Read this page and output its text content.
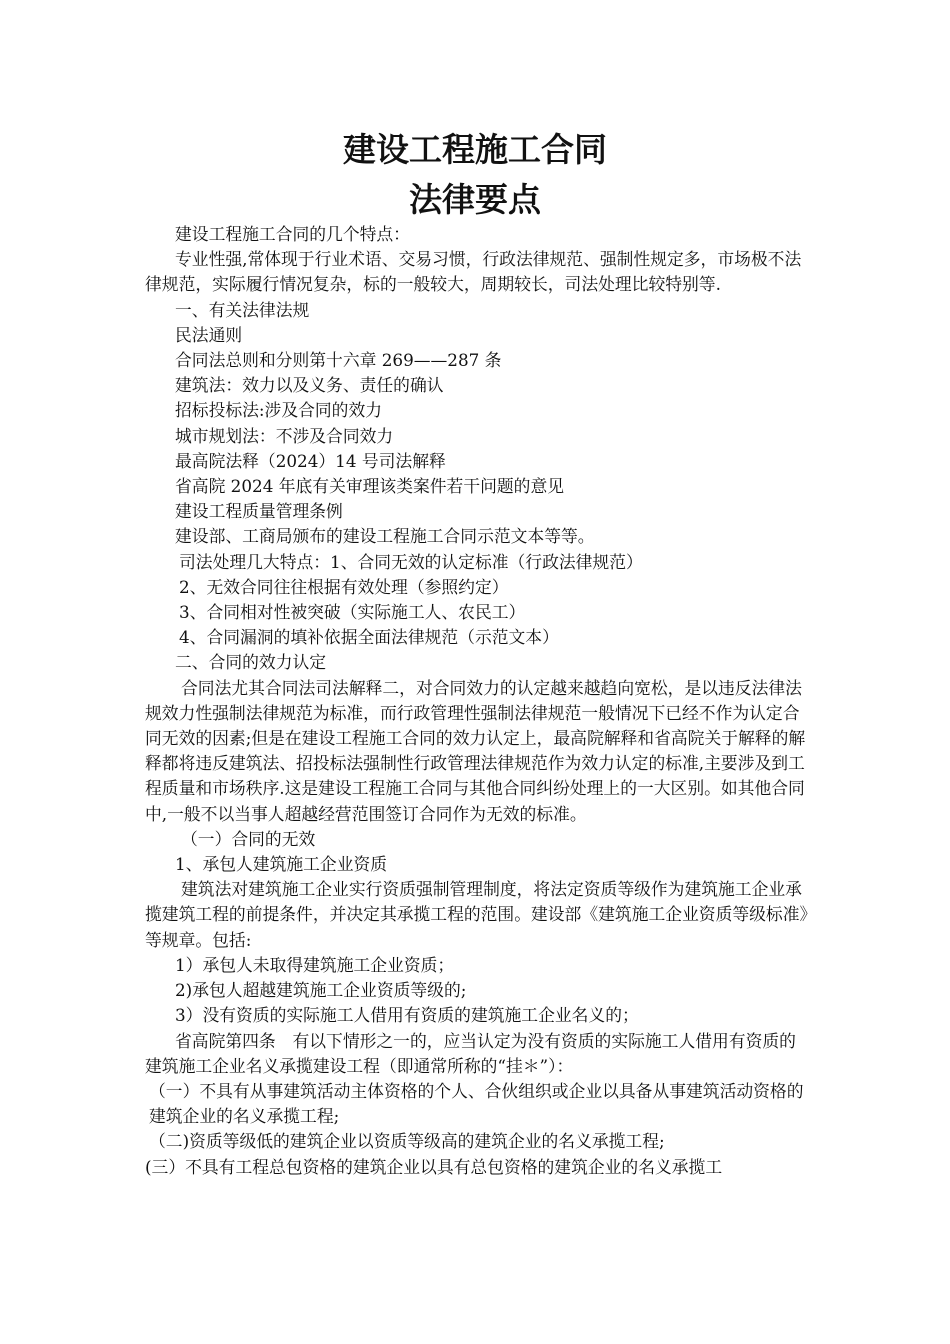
建设工程施工合同
法律要点

建设工程施工合同的几个特点：

专业性强,常体现于行业术语、交易习惯，行政法律规范、强制性规定多，市场极不法律规范，实际履行情况复杂，标的一般较大，周期较长，司法处理比较特别等.

一、有关法律法规

民法通则

合同法总则和分则第十六章 269——287 条

建筑法：效力以及义务、责任的确认

招标投标法:涉及合同的效力

城市规划法：不涉及合同效力

最高院法释（2024）14 号司法解释

省高院 2024 年底有关审理该类案件若干问题的意见

建设工程质量管理条例

建设部、工商局颁布的建设工程施工合同示范文本等等。

司法处理几大特点：1、合同无效的认定标准（行政法律规范）

2、无效合同往往根据有效处理（参照约定）

3、合同相对性被突破（实际施工人、农民工）

4、合同漏洞的填补依据全面法律规范（示范文本）

二、合同的效力认定

合同法尤其合同法司法解释二，对合同效力的认定越来越趋向宽松，是以违反法律法规效力性强制法律规范为标准，而行政管理性强制法律规范一般情况下已经不作为认定合同无效的因素;但是在建设工程施工合同的效力认定上，最高院解释和省高院关于解释的解释都将违反建筑法、招投标法强制性行政管理法律规范作为效力认定的标准,主要涉及到工程质量和市场秩序.这是建设工程施工合同与其他合同纠纷处理上的一大区别。如其他合同中,一般不以当事人超越经营范围签订合同作为无效的标准。

（一）合同的无效

1、承包人建筑施工企业资质

建筑法对建筑施工企业实行资质强制管理制度，将法定资质等级作为建筑施工企业承揽建筑工程的前提条件，并决定其承揽工程的范围。建设部《建筑施工企业资质等级标准》等规章。包括:

1）承包人未取得建筑施工企业资质；

2)承包人超越建筑施工企业资质等级的;

3）没有资质的实际施工人借用有资质的建筑施工企业名义的；

省高院第四条　有以下情形之一的，应当认定为没有资质的实际施工人借用有资质的建筑施工企业名义承揽建设工程（即通常所称的“挂＊”）：

（一）不具有从事建筑活动主体资格的个人、合伙组织或企业以具备从事建筑活动资格的建筑企业的名义承揽工程;

（二)资质等级低的建筑企业以资质等级高的建筑企业的名义承揽工程;

(三）不具有工程总包资格的建筑企业以具有总包资格的建筑企业的名义承揽工
